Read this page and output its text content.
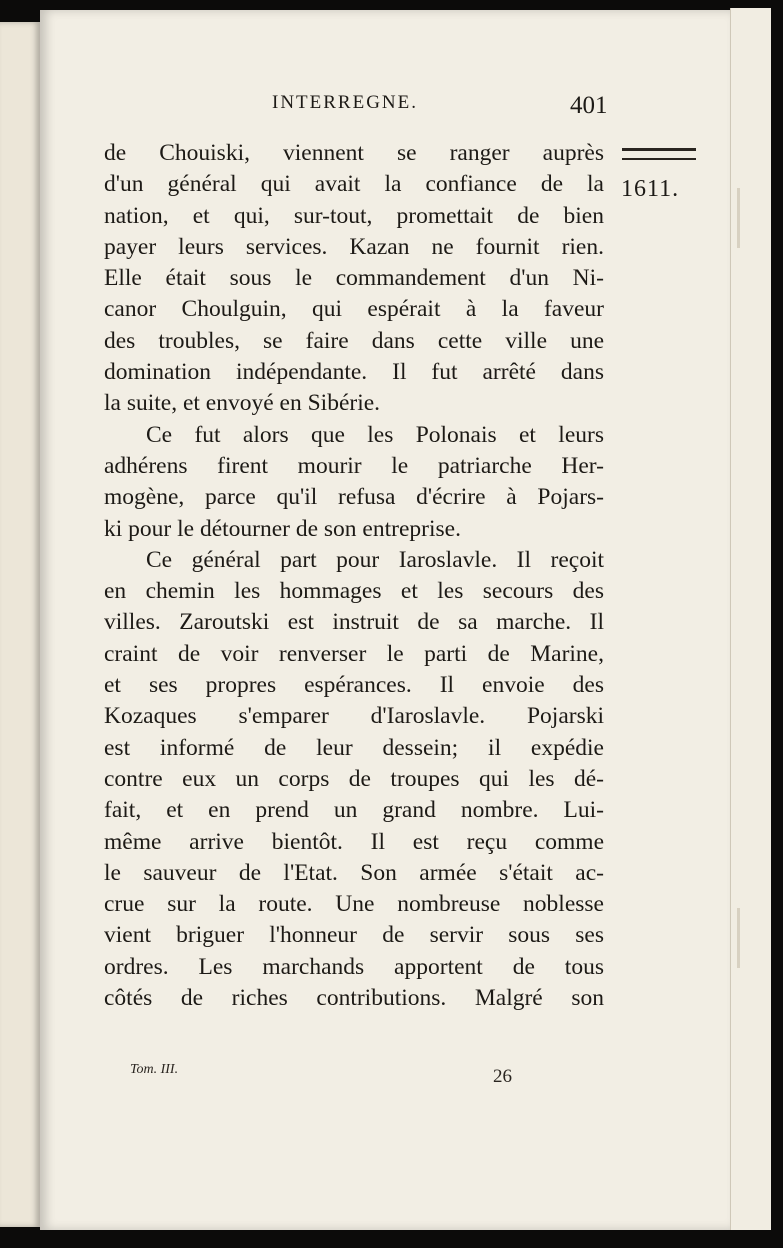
INTERREGNE.	401
1611.
de Chouiski, viennent se ranger auprès
d'un général qui avait la confiance de la
nation, et qui, sur-tout, promettait de bien
payer leurs services. Kazan ne fournit rien.
Elle était sous le commandement d'un Ni-
canor Choulguin, qui espérait à la faveur
des troubles, se faire dans cette ville une
domination indépendante. Il fut arrêté dans
la suite, et envoyé en Sibérie.
Ce fut alors que les Polonais et leurs
adhérens firent mourir le patriarche Her-
mogène, parce qu'il refusa d'écrire à Pojars-
ki pour le détourner de son entreprise.
Ce général part pour Iaroslavle. Il reçoit
en chemin les hommages et les secours des
villes. Zaroutski est instruit de sa marche. Il
craint de voir renverser le parti de Marine,
et ses propres espérances. Il envoie des
Kozaques s'emparer d'Iaroslavle. Pojarski
est informé de leur dessein; il expédie
contre eux un corps de troupes qui les dé-
fait, et en prend un grand nombre. Lui-
même arrive bientôt. Il est reçu comme
le sauveur de l'Etat. Son armée s'était ac-
crue sur la route. Une nombreuse noblesse
vient briguer l'honneur de servir sous ses
ordres. Les marchands apportent de tous
côtés de riches contributions. Malgré son
Tom. III.	26
